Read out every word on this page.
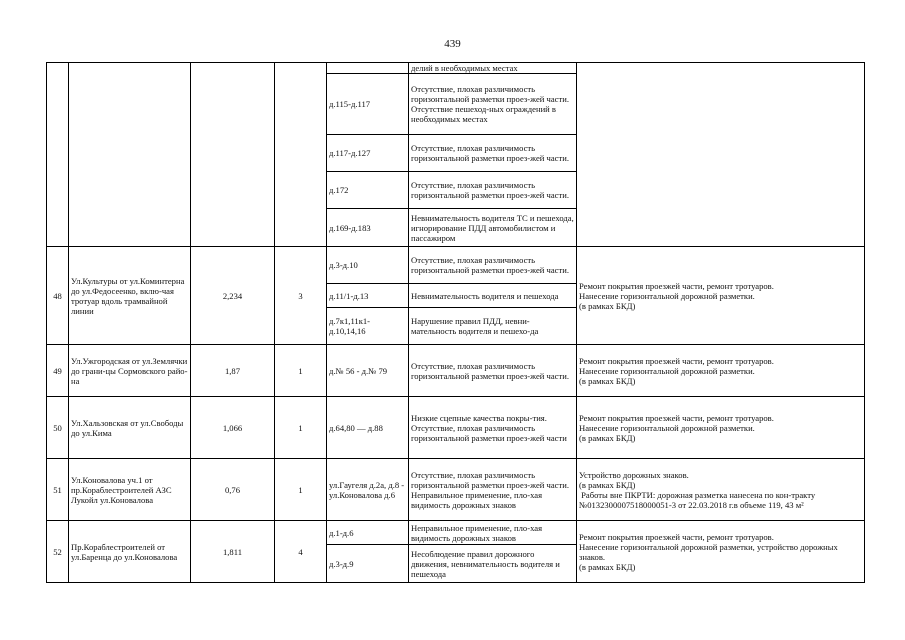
439
					делий в необходимых местах	
				д.115-д.117	Отсутствие, плохая различимость горизонтальной разметки проез-жей части. Отсутствие пешеход-ных ограждений в необходимых местах	
				д.117-д.127	Отсутствие, плохая различимость горизонтальной разметки проез-жей части.	
				д.172	Отсутствие, плохая различимость горизонтальной разметки проез-жей части.	
				д.169-д.183	Невнимательность водителя ТС и пешехода, игнорирование ПДД автомобилистом и пассажиром	
48	Ул.Культуры от ул.Коминтерна до ул.Федосеенко, вклю-чая тротуар вдоль трамвайной линии	2,234	3	д.3-д.10	Отсутствие, плохая различимость горизонтальной разметки проез-жей части.	Ремонт покрытия проезжей части, ремонт тротуаров.
Нанесение горизонтальной дорожной разметки.
(в рамках БКД)

				д.11/1-д.13	Невнимательность водителя и пешехода	
				д.7к1,11к1-д.10,14,16	Нарушение правил ПДД, невни-мательность водителя и пешехо-да	
49	Ул.Ужгородская от ул.Землячки до грани-цы Сормовского райо-на	1,87	1	д.№ 56 - д.№ 79	Отсутствие, плохая различимость горизонтальной разметки проез-жей части.	Ремонт покрытия проезжей части, ремонт тротуаров.
Нанесение горизонтальной дорожной разметки.
(в рамках БКД)

50	Ул.Хальзовская от ул.Свободы до ул.Кима	1,066	1	д.64,80 — д.88	Низкие сцепные качества покры-тия. Отсутствие, плохая различимость горизонтальной разметки проез-жей части	Ремонт покрытия проезжей части, ремонт тротуаров.
Нанесение горизонтальной дорожной разметки.
(в рамках БКД)

51	Ул.Коновалова уч.1 от пр.Кораблестроителей АЗС Лукойл ул.Коновалова	0,76	1	ул.Гаугеля д.2а, д.8 - ул.Коновалова д.6	Отсутствие, плохая различимость горизонтальной разметки проез-жей части. Неправильное применение, пло-хая видимость дорожных знаков	Устройство дорожных знаков.
(в рамках БКД)
Работы вне ПКРТИ: дорожная разметка нанесена по кон-тракту №0132300007518000051-3 от 22.03.2018 г.в объеме 119, 43 м²

52	Пр.Кораблестроителей от ул.Баренца до ул.Коновалова	1,811	4	д.1-д.6	Неправильное применение, пло-хая видимость дорожных знаков	Ремонт покрытия проезжей части, ремонт тротуаров.
Нанесение горизонтальной дорожной разметки, устройство дорожных знаков.
(в рамках БКД)

				д.3-д.9	Несоблюдение правил дорожного движения, невнимательность водителя и пешехода	
